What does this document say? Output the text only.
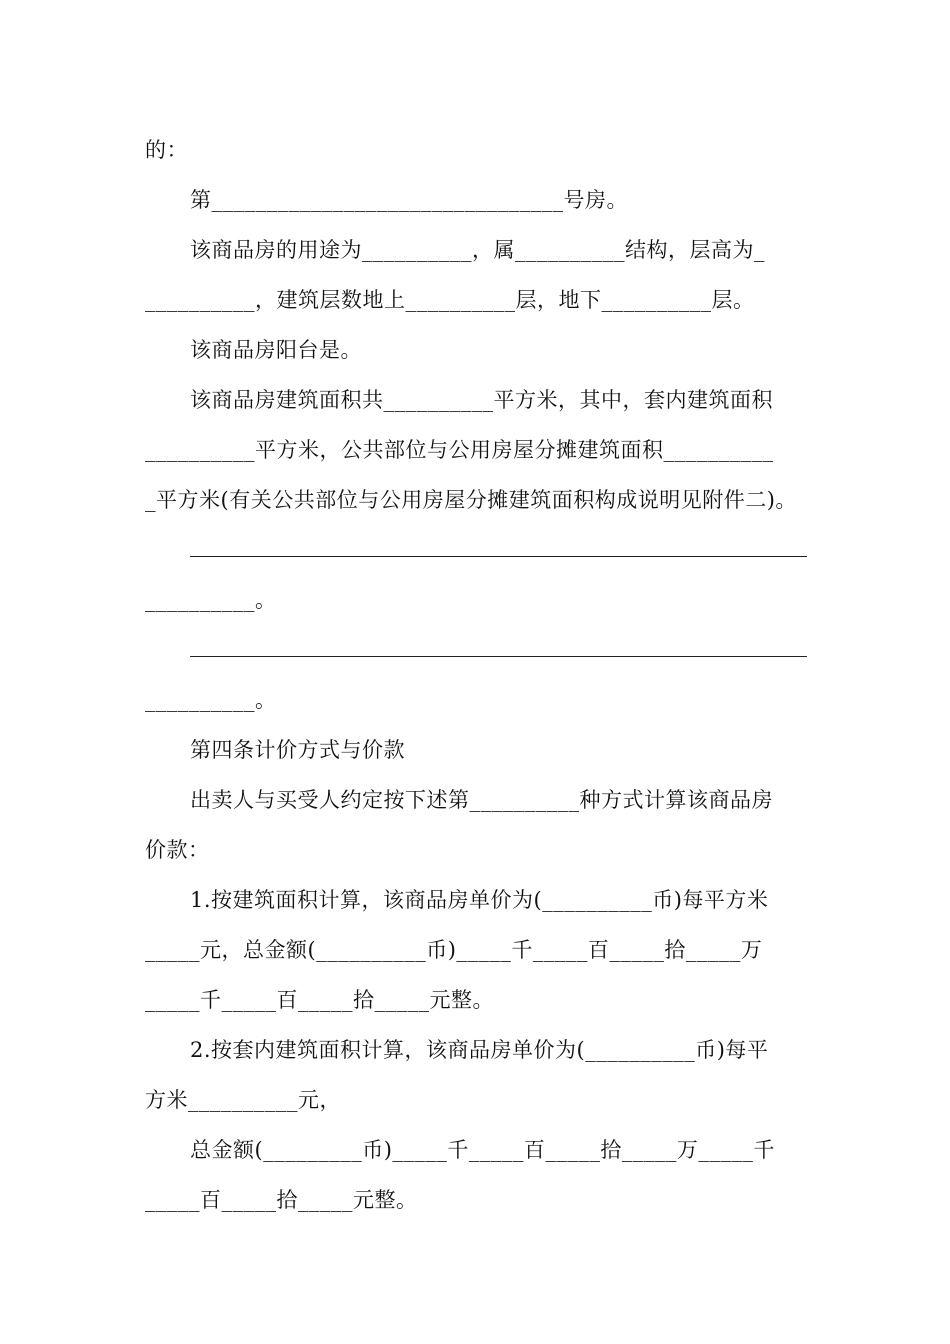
的：
第________________________________号房。
该商品房的用途为__________，属__________结构，层高为_
__________，建筑层数地上__________层，地下__________层。
该商品房阳台是。
该商品房建筑面积共__________平方米，其中，套内建筑面积
__________平方米，公共部位与公用房屋分摊建筑面积__________
_平方米(有关公共部位与公用房屋分摊建筑面积构成说明见附件二)。
__________。
__________。
第四条计价方式与价款
出卖人与买受人约定按下述第__________种方式计算该商品房
价款：
1.按建筑面积计算，该商品房单价为(__________币)每平方米
_____元，总金额(__________币)_____千_____百_____拾_____万
_____千_____百_____拾_____元整。
2.按套内建筑面积计算，该商品房单价为(__________币)每平
方米__________元，
总金额(_________币)_____千_____百_____拾_____万_____千
_____百_____拾_____元整。
